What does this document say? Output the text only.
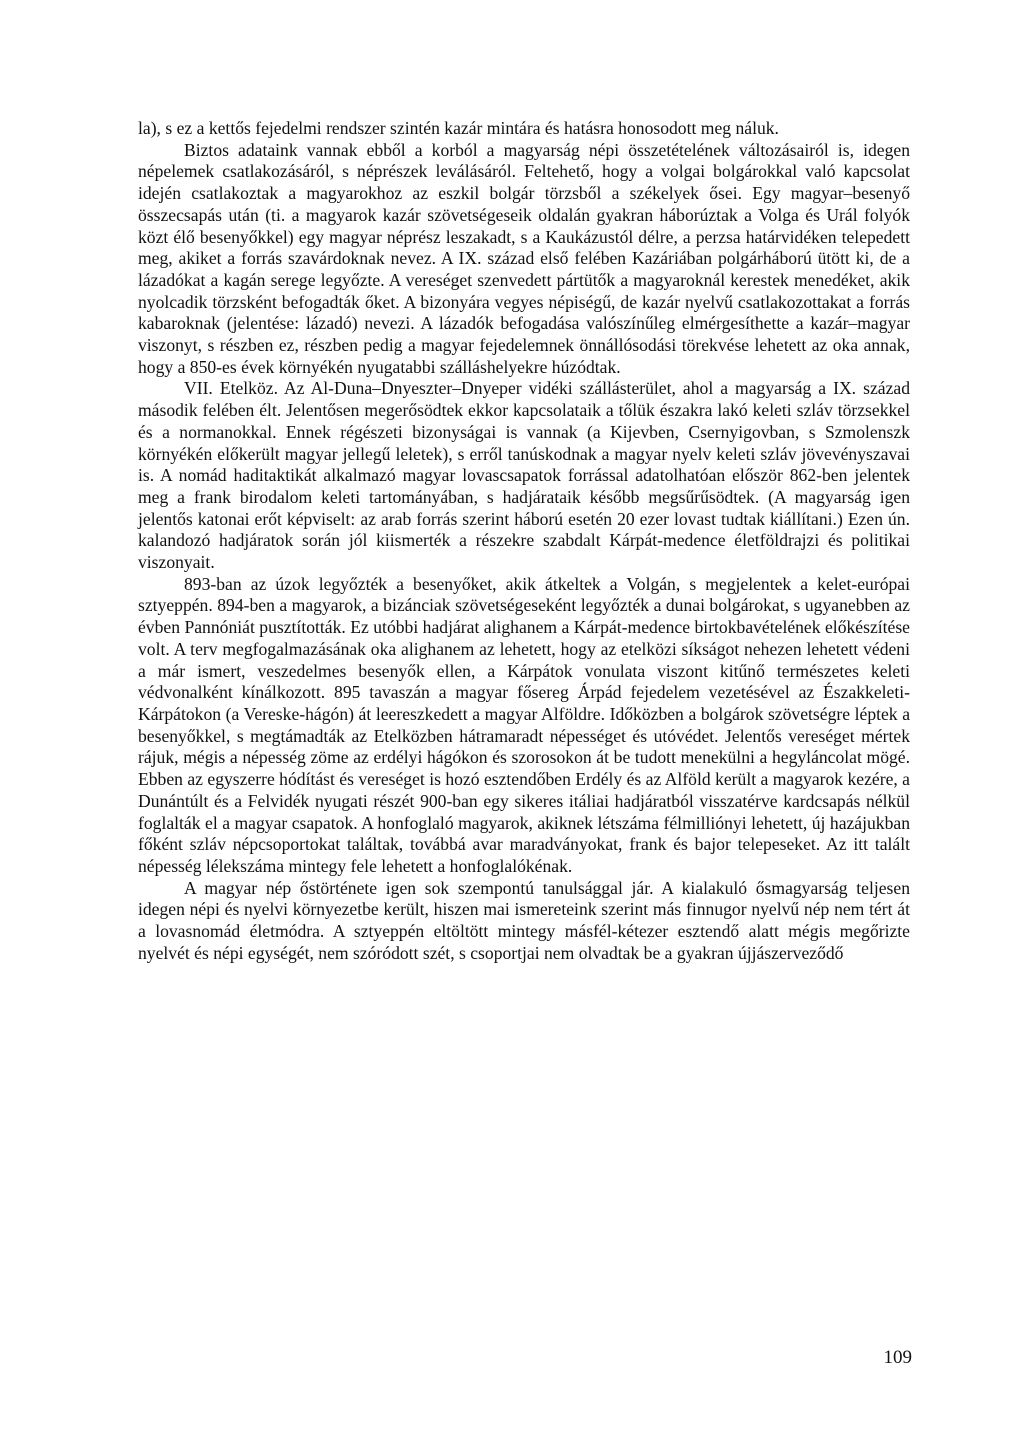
la), s ez a kettős fejedelmi rendszer szintén kazár mintára és hatásra honosodott meg náluk.

Biztos adataink vannak ebből a korból a magyarság népi összetételének változásairól is, idegen népelemek csatlakozásáról, s néprészek leválásáról. Feltehető, hogy a volgai bolgárokkal való kapcsolat idején csatlakoztak a magyarokhoz az eszkil bolgár törzsből a székelyek ősei. Egy magyar–besenyő összecsapás után (ti. a magyarok kazár szövetségeseik oldalán gyakran háborúztak a Volga és Urál folyók közt élő besenyőkkel) egy magyar néprész leszakadt, s a Kaukázustól délre, a perzsa határvidéken telepedett meg, akiket a forrás szavárdoknak nevez. A IX. század első felében Kazáriában polgárháború ütött ki, de a lázadókat a kagán serege legyőzte. A vereséget szenvedett pártütők a magyaroknál kerestek menedéket, akik nyolcadik törzsként befogadták őket. A bizonyára vegyes népiségű, de kazár nyelvű csatlakozottakat a forrás kabaroknak (jelentése: lázadó) nevezi. A lázadók befogadása valószínűleg elmérgesíthette a kazár–magyar viszonyt, s részben ez, részben pedig a magyar fejedelemnek önnállósodási törekvése lehetett az oka annak, hogy a 850-es évek környékén nyugatabbi szálláshelyekre húzódtak.

VII. Etelköz. Az Al-Duna–Dnyeszter–Dnyeper vidéki szállásterület, ahol a magyarság a IX. század második felében élt. Jelentősen megerősödtek ekkor kapcsolataik a tőlük északra lakó keleti szláv törzsekkel és a normanokkal. Ennek régészeti bizonyságai is vannak (a Kijevben, Csernyigovban, s Szmolenszk környékén előkerült magyar jellegű leletek), s erről tanúskodnak a magyar nyelv keleti szláv jövevényszavai is. A nomád haditaktikát alkalmazó magyar lovascsapatok forrással adatolhatóan először 862-ben jelentek meg a frank birodalom keleti tartományában, s hadjárataik később megsűrűsödtek. (A magyarság igen jelentős katonai erőt képviselt: az arab forrás szerint háború esetén 20 ezer lovast tudtak kiállítani.) Ezen ún. kalandozó hadjáratok során jól kiismerték a részekre szabdalt Kárpát-medence életföldrajzi és politikai viszonyait.

893-ban az úzok legyőzték a besenyőket, akik átkeltek a Volgán, s megjelentek a kelet-európai sztyeppén. 894-ben a magyarok, a bizánciak szövetségeseként legyőzték a dunai bolgárokat, s ugyanebben az évben Pannóniát pusztították. Ez utóbbi hadjárat alighanem a Kárpát-medence birtokbavételének előkészítése volt. A terv megfogalmazásának oka alighanem az lehetett, hogy az etelközi síkságot nehezen lehetett védeni a már ismert, veszedelmes besenyők ellen, a Kárpátok vonulata viszont kitűnő természetes keleti védvonalként kínálkozott. 895 tavaszán a magyar fősereg Árpád fejedelem vezetésével az Északkeleti-Kárpátokon (a Vereske-hágón) át leereszkedett a magyar Alföldre. Időközben a bolgárok szövetségre léptek a besenyőkkel, s megtámadták az Etelközben hátramaradt népességet és utóvédet. Jelentős vereséget mértek rájuk, mégis a népesség zöme az erdélyi hágókon és szorosokon át be tudott menekülni a hegyláncolat mögé. Ebben az egyszerre hódítást és vereséget is hozó esztendőben Erdély és az Alföld került a magyarok kezére, a Dunántúlt és a Felvidék nyugati részét 900-ban egy sikeres itáliai hadjáratból visszatérve kardcsapás nélkül foglalták el a magyar csapatok. A honfoglaló magyarok, akiknek létszáma félmilliónyi lehetett, új hazájukban főként szláv népcsoportokat találtak, továbbá avar maradványokat, frank és bajor telepeseket. Az itt talált népesség lélekszáma mintegy fele lehetett a honfoglalókénak.

A magyar nép őstörténete igen sok szempontú tanulsággal jár. A kialakuló ősmagyarság teljesen idegen népi és nyelvi környezetbe került, hiszen mai ismereteink szerint más finnugor nyelvű nép nem tért át a lovasnomád életmódra. A sztyeppén eltöltött mintegy másfél-kétezer esztendő alatt mégis megőrizte nyelvét és népi egységét, nem szóródott szét, s csoportjai nem olvadtak be a gyakran újjászerveződő

109
